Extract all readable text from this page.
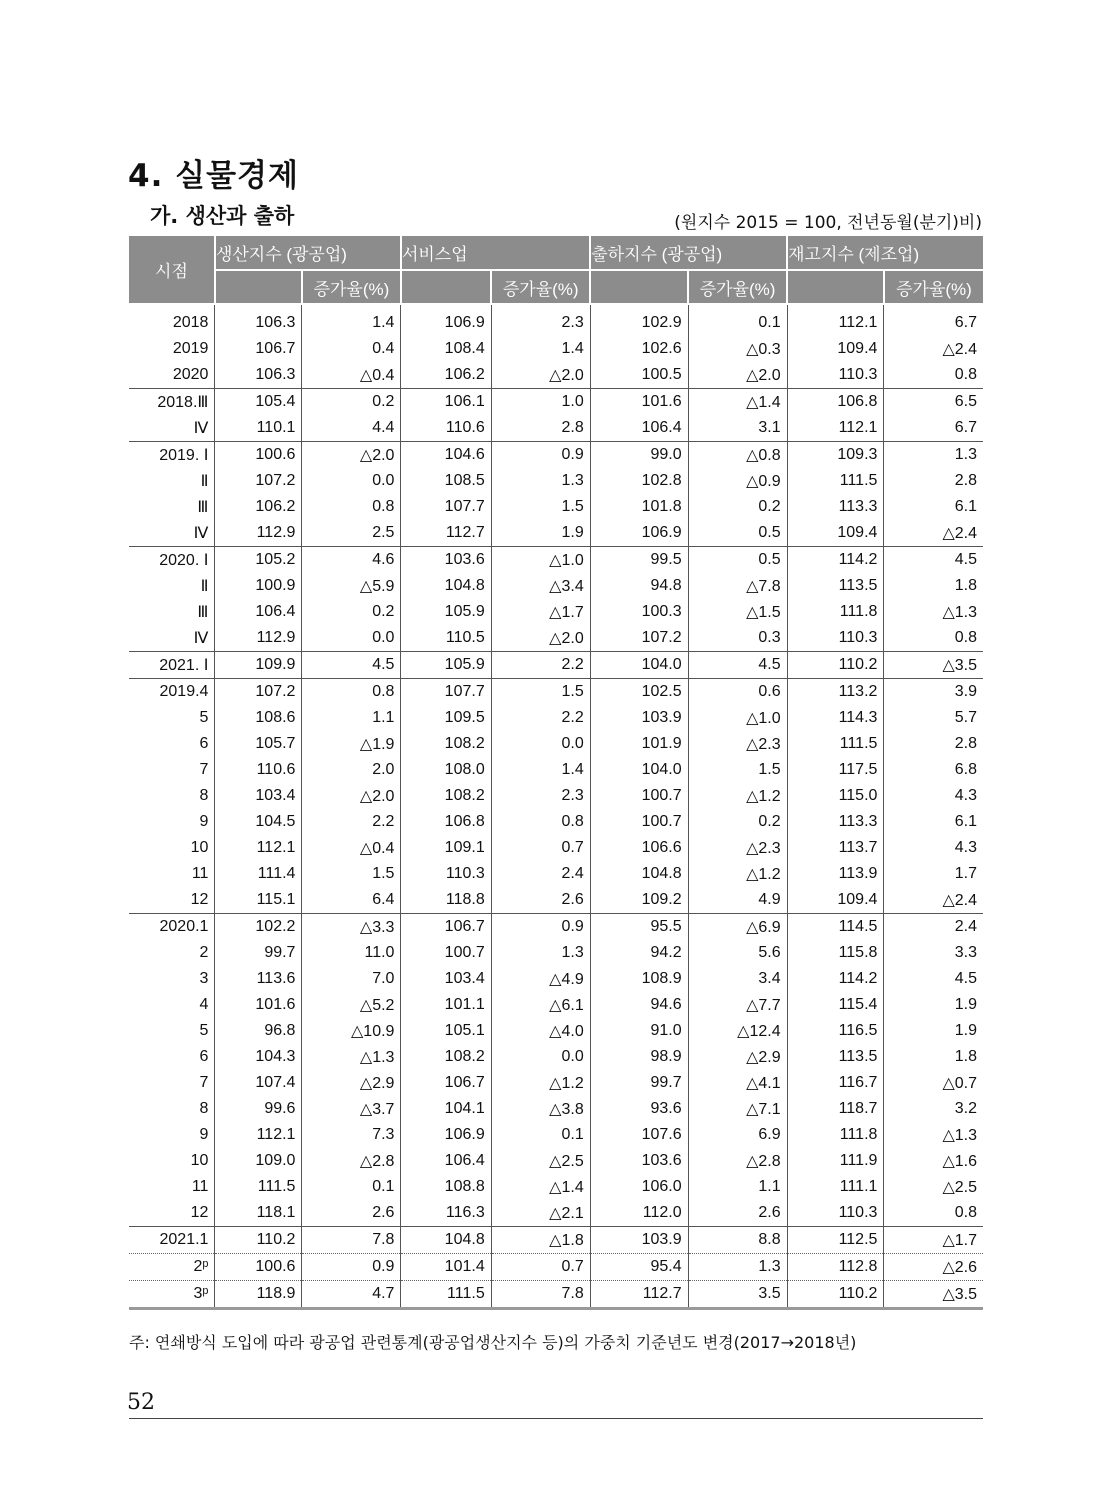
4. 실물경제
가. 생산과 출하	(원지수 2015 = 100, 전년동월(분기)비)
시점	생산지수 (광공업)		서비스업		출하지수 (광공업)		재고지수 (제조업)	
		증가율(%)		증가율(%)		증가율(%)		증가율(%)
2018	106.3	1.4	106.9	2.3	102.9	0.1	112.1	6.7
2019	106.7	0.4	108.4	1.4	102.6	△0.3	109.4	△2.4
2020	106.3	△0.4	106.2	△2.0	100.5	△2.0	110.3	0.8
2018.Ⅲ	105.4	0.2	106.1	1.0	101.6	△1.4	106.8	6.5
Ⅳ	110.1	4.4	110.6	2.8	106.4	3.1	112.1	6.7
2019. Ⅰ	100.6	△2.0	104.6	0.9	99.0	△0.8	109.3	1.3
Ⅱ	107.2	0.0	108.5	1.3	102.8	△0.9	111.5	2.8
Ⅲ	106.2	0.8	107.7	1.5	101.8	0.2	113.3	6.1
Ⅳ	112.9	2.5	112.7	1.9	106.9	0.5	109.4	△2.4
2020. Ⅰ	105.2	4.6	103.6	△1.0	99.5	0.5	114.2	4.5
Ⅱ	100.9	△5.9	104.8	△3.4	94.8	△7.8	113.5	1.8
Ⅲ	106.4	0.2	105.9	△1.7	100.3	△1.5	111.8	△1.3
Ⅳ	112.9	0.0	110.5	△2.0	107.2	0.3	110.3	0.8
2021. Ⅰ	109.9	4.5	105.9	2.2	104.0	4.5	110.2	△3.5
2019.4	107.2	0.8	107.7	1.5	102.5	0.6	113.2	3.9
5	108.6	1.1	109.5	2.2	103.9	△1.0	114.3	5.7
6	105.7	△1.9	108.2	0.0	101.9	△2.3	111.5	2.8
7	110.6	2.0	108.0	1.4	104.0	1.5	117.5	6.8
8	103.4	△2.0	108.2	2.3	100.7	△1.2	115.0	4.3
9	104.5	2.2	106.8	0.8	100.7	0.2	113.3	6.1
10	112.1	△0.4	109.1	0.7	106.6	△2.3	113.7	4.3
11	111.4	1.5	110.3	2.4	104.8	△1.2	113.9	1.7
12	115.1	6.4	118.8	2.6	109.2	4.9	109.4	△2.4
2020.1	102.2	△3.3	106.7	0.9	95.5	△6.9	114.5	2.4
2	99.7	11.0	100.7	1.3	94.2	5.6	115.8	3.3
3	113.6	7.0	103.4	△4.9	108.9	3.4	114.2	4.5
4	101.6	△5.2	101.1	△6.1	94.6	△7.7	115.4	1.9
5	96.8	△10.9	105.1	△4.0	91.0	△12.4	116.5	1.9
6	104.3	△1.3	108.2	0.0	98.9	△2.9	113.5	1.8
7	107.4	△2.9	106.7	△1.2	99.7	△4.1	116.7	△0.7
8	99.6	△3.7	104.1	△3.8	93.6	△7.1	118.7	3.2
9	112.1	7.3	106.9	0.1	107.6	6.9	111.8	△1.3
10	109.0	△2.8	106.4	△2.5	103.6	△2.8	111.9	△1.6
11	111.5	0.1	108.8	△1.4	106.0	1.1	111.1	△2.5
12	118.1	2.6	116.3	△2.1	112.0	2.6	110.3	0.8
2021.1	110.2	7.8	104.8	△1.8	103.9	8.8	112.5	△1.7
2ᵖ	100.6	0.9	101.4	0.7	95.4	1.3	112.8	△2.6
3ᵖ	118.9	4.7	111.5	7.8	112.7	3.5	110.2	△3.5
주: 연쇄방식 도입에 따라 광공업 관련통계(광공업생산지수 등)의 가중치 기준년도 변경(2017→2018년)
52
